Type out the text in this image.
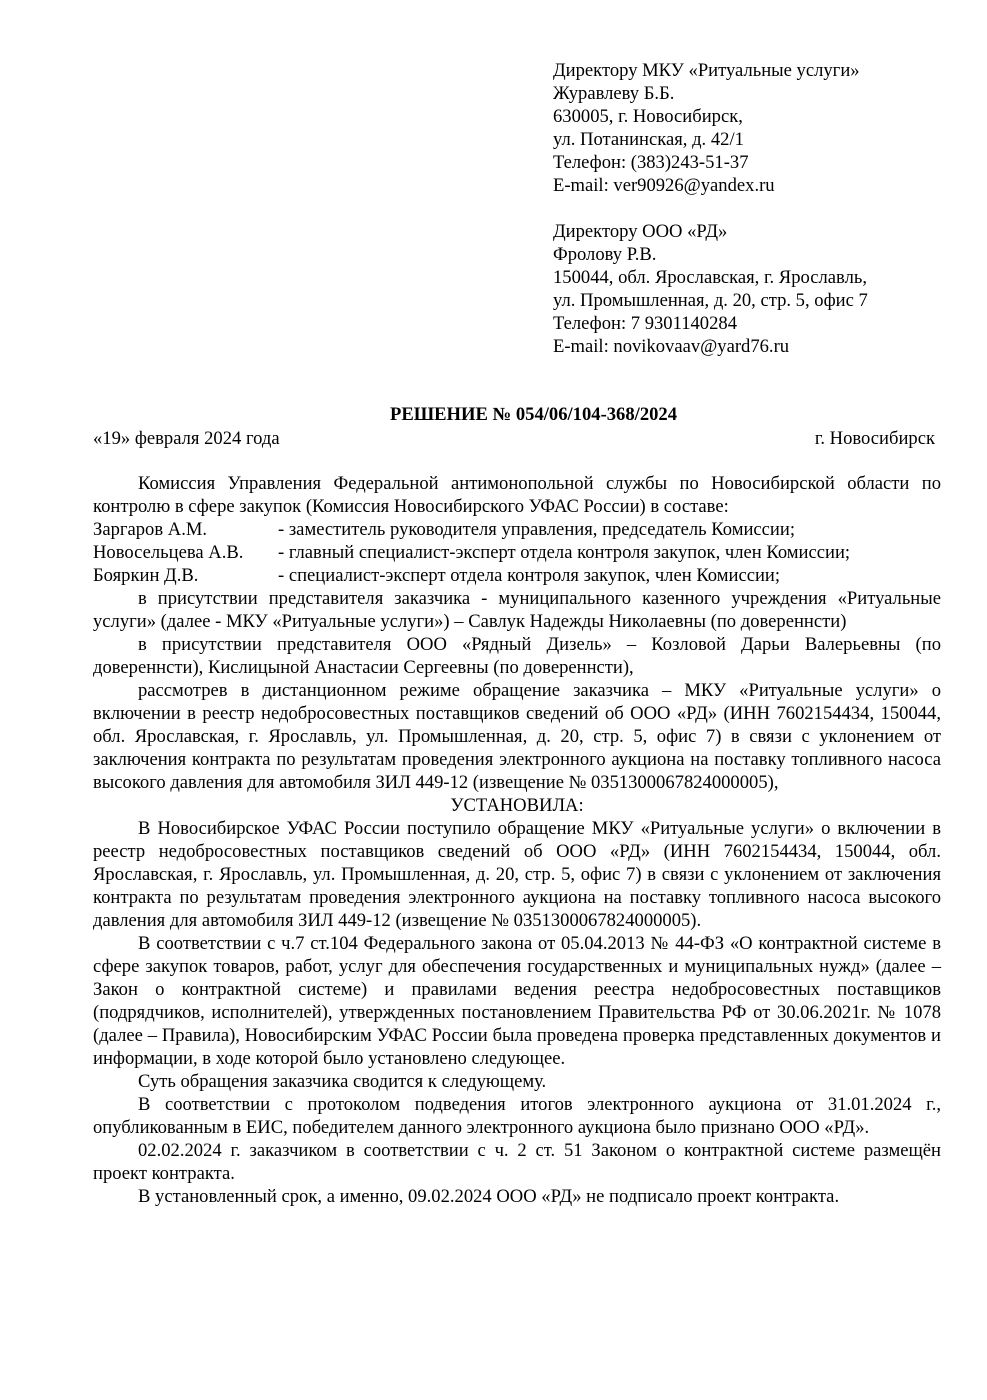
Директору МКУ «Ритуальные услуги»
Журавлеву Б.Б.
630005, г. Новосибирск,
ул. Потанинская, д. 42/1
Телефон: (383)243-51-37
E-mail: ver90926@yandex.ru
Директору ООО «РД»
Фролову Р.В.
150044, обл. Ярославская, г. Ярославль,
ул. Промышленная, д. 20, стр. 5, офис 7
Телефон: 7 9301140284
E-mail: novikovaav@yard76.ru
РЕШЕНИЕ № 054/06/104-368/2024
«19» февраля 2024 года	г. Новосибирск
Комиссия Управления Федеральной антимонопольной службы по Новосибирской области по контролю в сфере закупок (Комиссия Новосибирского УФАС России) в составе:
Заргаров А.М.	- заместитель руководителя управления, председатель Комиссии;
Новосельцева А.В.	- главный специалист-эксперт отдела контроля закупок, член Комиссии;
Бояркин Д.В.	- специалист-эксперт отдела контроля закупок, член Комиссии;
в присутствии представителя заказчика - муниципального казенного учреждения «Ритуальные услуги» (далее - МКУ «Ритуальные услуги») – Савлук Надежды Николаевны (по довереннсти)
в присутствии представителя ООО «Рядный Дизель» – Козловой Дарьи Валерьевны (по довереннсти), Кислицыной Анастасии Сергеевны (по довереннсти),
рассмотрев в дистанционном режиме обращение заказчика – МКУ «Ритуальные услуги» о включении в реестр недобросовестных поставщиков сведений об ООО «РД» (ИНН 7602154434, 150044, обл. Ярославская, г. Ярославль, ул. Промышленная, д. 20, стр. 5, офис 7) в связи с уклонением от заключения контракта по результатам проведения электронного аукциона на поставку топливного насоса высокого давления для автомобиля ЗИЛ 449-12 (извещение № 0351300067824000005),
УСТАНОВИЛА:
В Новосибирское УФАС России поступило обращение МКУ «Ритуальные услуги» о включении в реестр недобросовестных поставщиков сведений об ООО «РД» (ИНН 7602154434, 150044, обл. Ярославская, г. Ярославль, ул. Промышленная, д. 20, стр. 5, офис 7) в связи с уклонением от заключения контракта по результатам проведения электронного аукциона на поставку топливного насоса высокого давления для автомобиля ЗИЛ 449-12 (извещение № 0351300067824000005).
В соответствии с ч.7 ст.104 Федерального закона от 05.04.2013 № 44-ФЗ «О контрактной системе в сфере закупок товаров, работ, услуг для обеспечения государственных и муниципальных нужд» (далее – Закон о контрактной системе) и правилами ведения реестра недобросовестных поставщиков (подрядчиков, исполнителей), утвержденных постановлением Правительства РФ от 30.06.2021г. № 1078 (далее – Правила), Новосибирским УФАС России была проведена проверка представленных документов и информации, в ходе которой было установлено следующее.
Суть обращения заказчика сводится к следующему.
В соответствии с протоколом подведения итогов электронного аукциона от 31.01.2024 г., опубликованным в ЕИС, победителем данного электронного аукциона было признано ООО «РД».
02.02.2024 г. заказчиком в соответствии с ч. 2 ст. 51 Законом о контрактной системе размещён проект контракта.
В установленный срок, а именно, 09.02.2024 ООО «РД» не подписало проект контракта.
